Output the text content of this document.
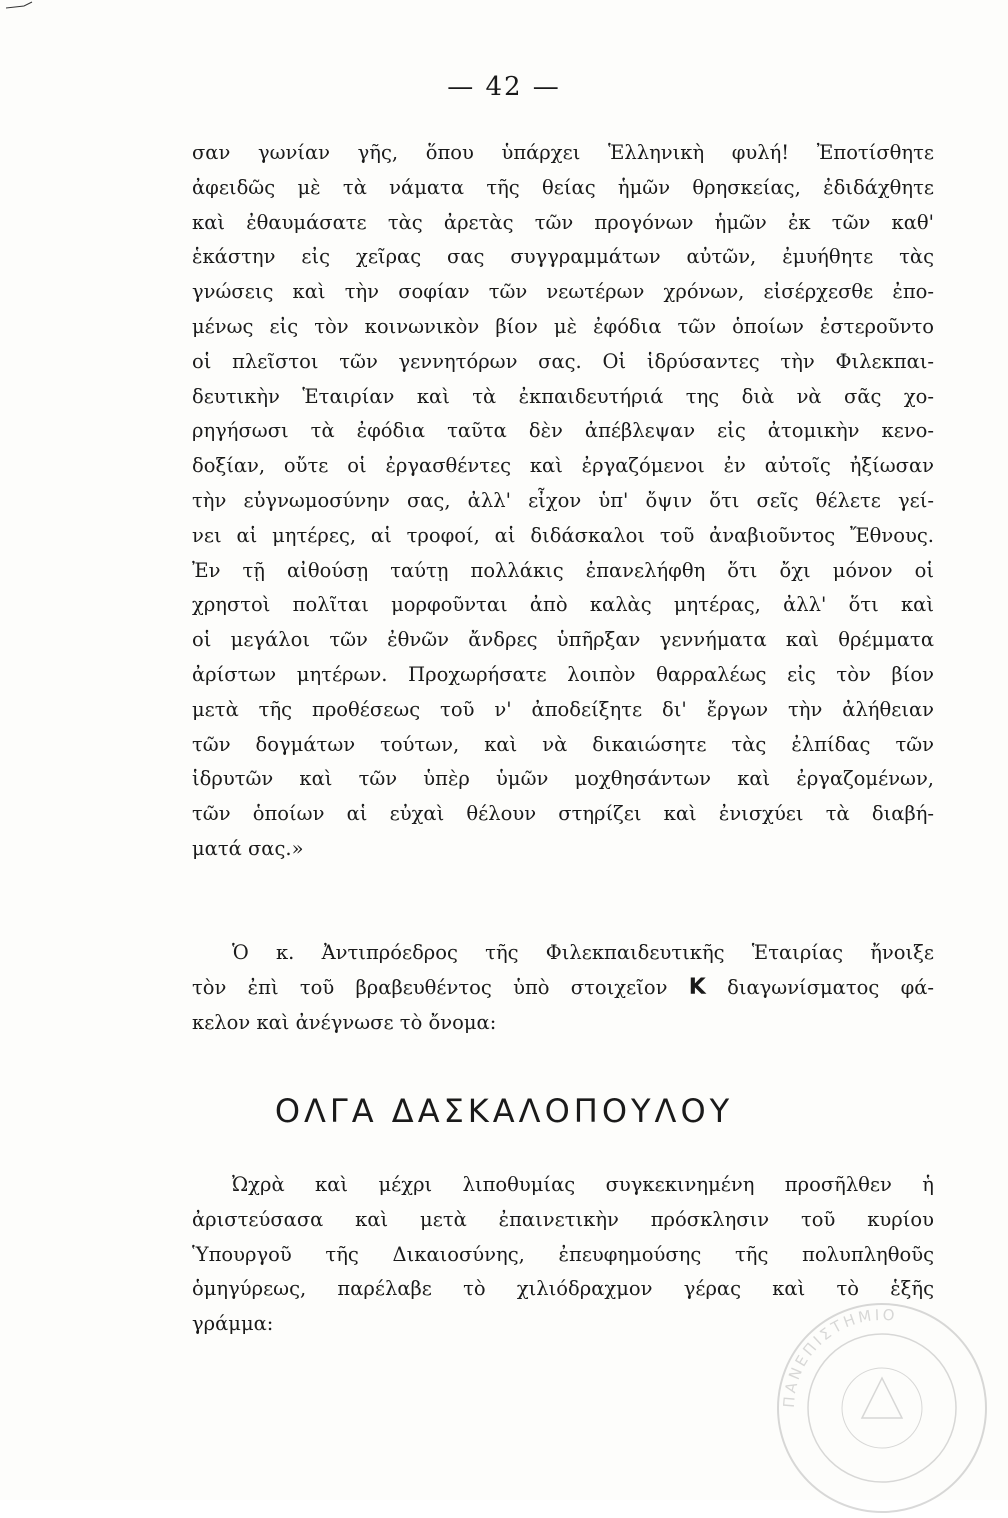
— 42 —
σαν γωνίαν γῆς, ὅπου ὑπάρχει Ἑλληνικὴ φυλή! Ἐποτίσθητε
ἀφειδῶς μὲ τὰ νάματα τῆς θείας ἡμῶν θρησκείας, ἐδιδάχθητε
καὶ ἐθαυμάσατε τὰς ἀρετὰς τῶν προγόνων ἡμῶν ἐκ τῶν καθ'
ἑκάστην εἰς χεῖρας σας συγγραμμάτων αὐτῶν, ἐμυήθητε τὰς
γνώσεις καὶ τὴν σοφίαν τῶν νεωτέρων χρόνων, εἰσέρχεσθε ἐπο-
μένως εἰς τὸν κοινωνικὸν βίον μὲ ἐφόδια τῶν ὁποίων ἐστεροῦντο
οἱ πλεῖστοι τῶν γεννητόρων σας. Οἱ ἱδρύσαντες τὴν Φιλεκπαι-
δευτικὴν Ἑταιρίαν καὶ τὰ ἐκπαιδευτήριά της διὰ νὰ σᾶς χο-
ρηγήσωσι τὰ ἐφόδια ταῦτα δὲν ἀπέβλεψαν εἰς ἀτομικὴν κενο-
δοξίαν, οὔτε οἱ ἐργασθέντες καὶ ἐργαζόμενοι ἐν αὐτοῖς ἠξίωσαν
τὴν εὐγνωμοσύνην σας, ἀλλ' εἶχον ὑπ' ὄψιν ὅτι σεῖς θέλετε γεί-
νει αἱ μητέρες, αἱ τροφοί, αἱ διδάσκαλοι τοῦ ἀναβιοῦντος Ἔθνους.
Ἐν τῇ αἰθούσῃ ταύτῃ πολλάκις ἐπανελήφθη ὅτι ὄχι μόνον οἱ
χρηστοὶ πολῖται μορφοῦνται ἀπὸ καλὰς μητέρας, ἀλλ' ὅτι καὶ
οἱ μεγάλοι τῶν ἐθνῶν ἄνδρες ὑπῆρξαν γεννήματα καὶ θρέμματα
ἀρίστων μητέρων. Προχωρήσατε λοιπὸν θαρραλέως εἰς τὸν βίον
μετὰ τῆς προθέσεως τοῦ ν' ἀποδείξητε δι' ἔργων τὴν ἀλήθειαν
τῶν δογμάτων τούτων, καὶ νὰ δικαιώσητε τὰς ἐλπίδας τῶν
ἱδρυτῶν καὶ τῶν ὑπὲρ ὑμῶν μοχθησάντων καὶ ἐργαζομένων,
τῶν ὁποίων αἱ εὐχαὶ θέλουν στηρίζει καὶ ἐνισχύει τὰ διαβή-
ματά σας.»
Ὁ κ. Ἀντιπρόεδρος τῆς Φιλεκπαιδευτικῆς Ἑταιρίας ἤνοιξε
τὸν ἐπὶ τοῦ βραβευθέντος ὑπὸ στοιχεῖον Κ διαγωνίσματος φά-
κελον καὶ ἀνέγνωσε τὸ ὄνομα:
ΟΛΓΑ ΔΑΣΚΑΛΟΠΟΥΛΟΥ
Ὠχρὰ καὶ μέχρι λιποθυμίας συγκεκινημένη προσῆλθεν ἡ
ἀριστεύσασα καὶ μετὰ ἐπαινετικὴν πρόσκλησιν τοῦ κυρίου
Ὑπουργοῦ τῆς Δικαιοσύνης, ἐπευφημούσης τῆς πολυπληθοῦς
ὁμηγύρεως, παρέλαβε τὸ χιλιόδραχμον γέρας καὶ τὸ ἑξῆς
γράμμα:
ΠΑΝΕΠΙΣΤΗΜΙΟ
